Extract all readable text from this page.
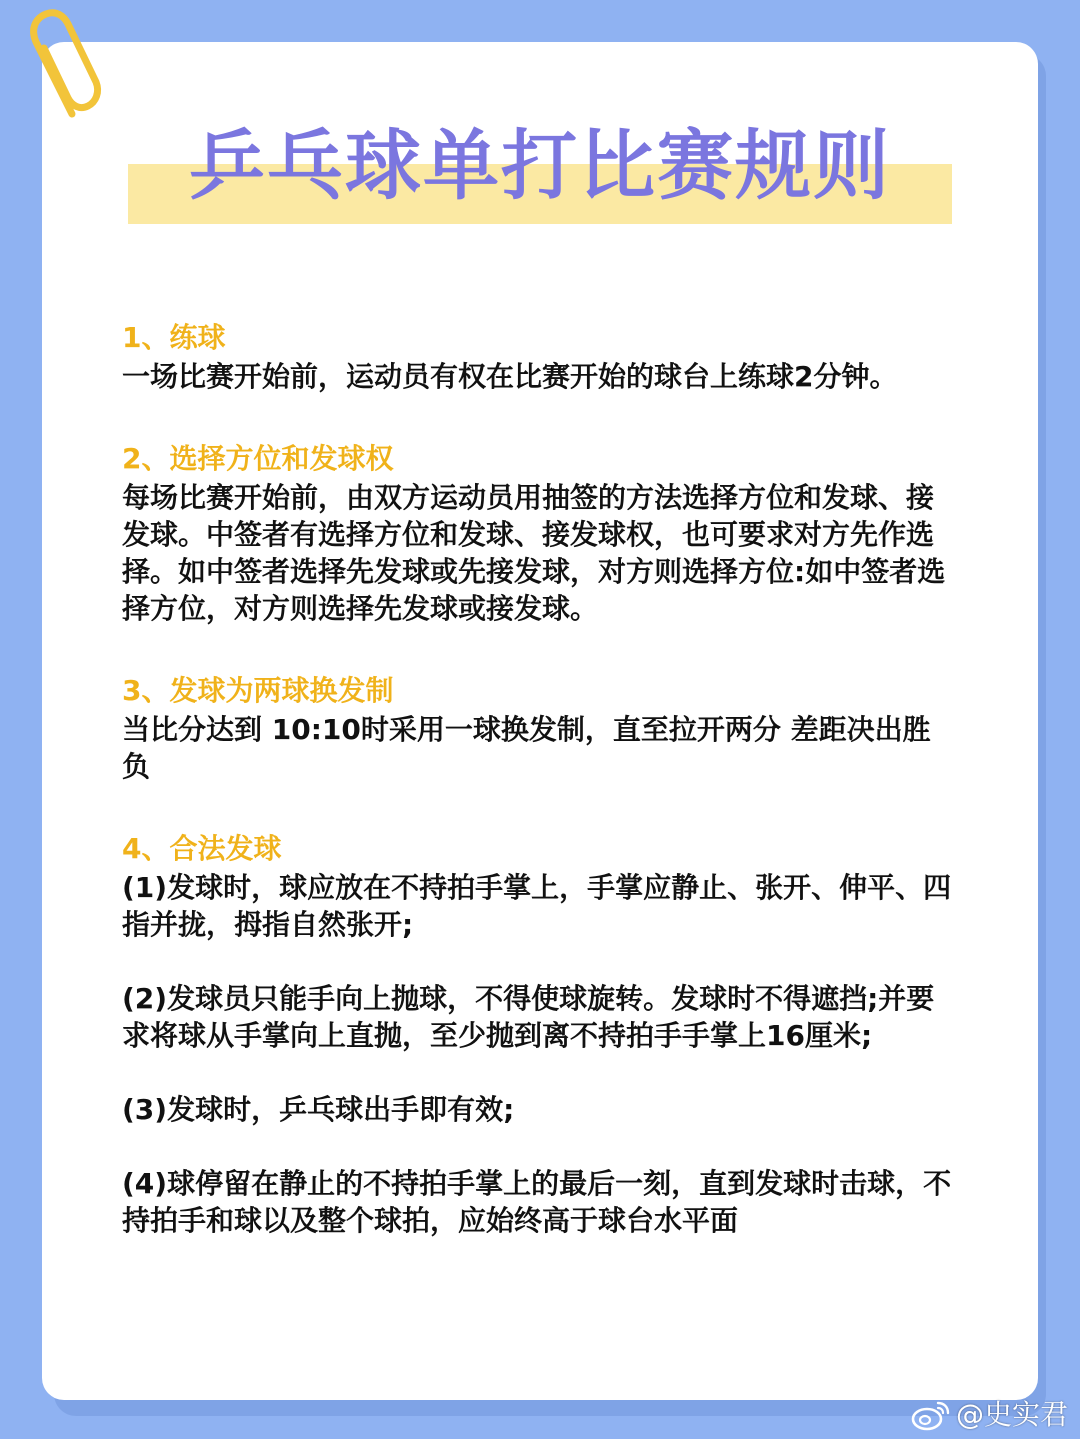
乒乓球单打比赛规则
1、练球

一场比赛开始前，运动员有权在比赛开始的球台上练球2分钟。

2、选择方位和发球权

每场比赛开始前，由双方运动员用抽签的方法选择方位和发球、接发球。中签者有选择方位和发球、接发球权，也可要求对方先作选择。如中签者选择先发球或先接发球，对方则选择方位:如中签者选择方位，对方则选择先发球或接发球。

3、发球为两球换发制

当比分达到 10:10时采用一球换发制，直至拉开两分 差距决出胜负

4、合法发球

(1)发球时，球应放在不持拍手掌上，手掌应静止、张开、伸平、四指并拢，拇指自然张开;

(2)发球员只能手向上抛球，不得使球旋转。发球时不得遮挡;并要求将球从手掌向上直抛，至少抛到离不持拍手手掌上16厘米;

(3)发球时，乒乓球出手即有效;

(4)球停留在静止的不持拍手掌上的最后一刻，直到发球时击球，不持拍手和球以及整个球拍，应始终高于球台水平面

@史实君
